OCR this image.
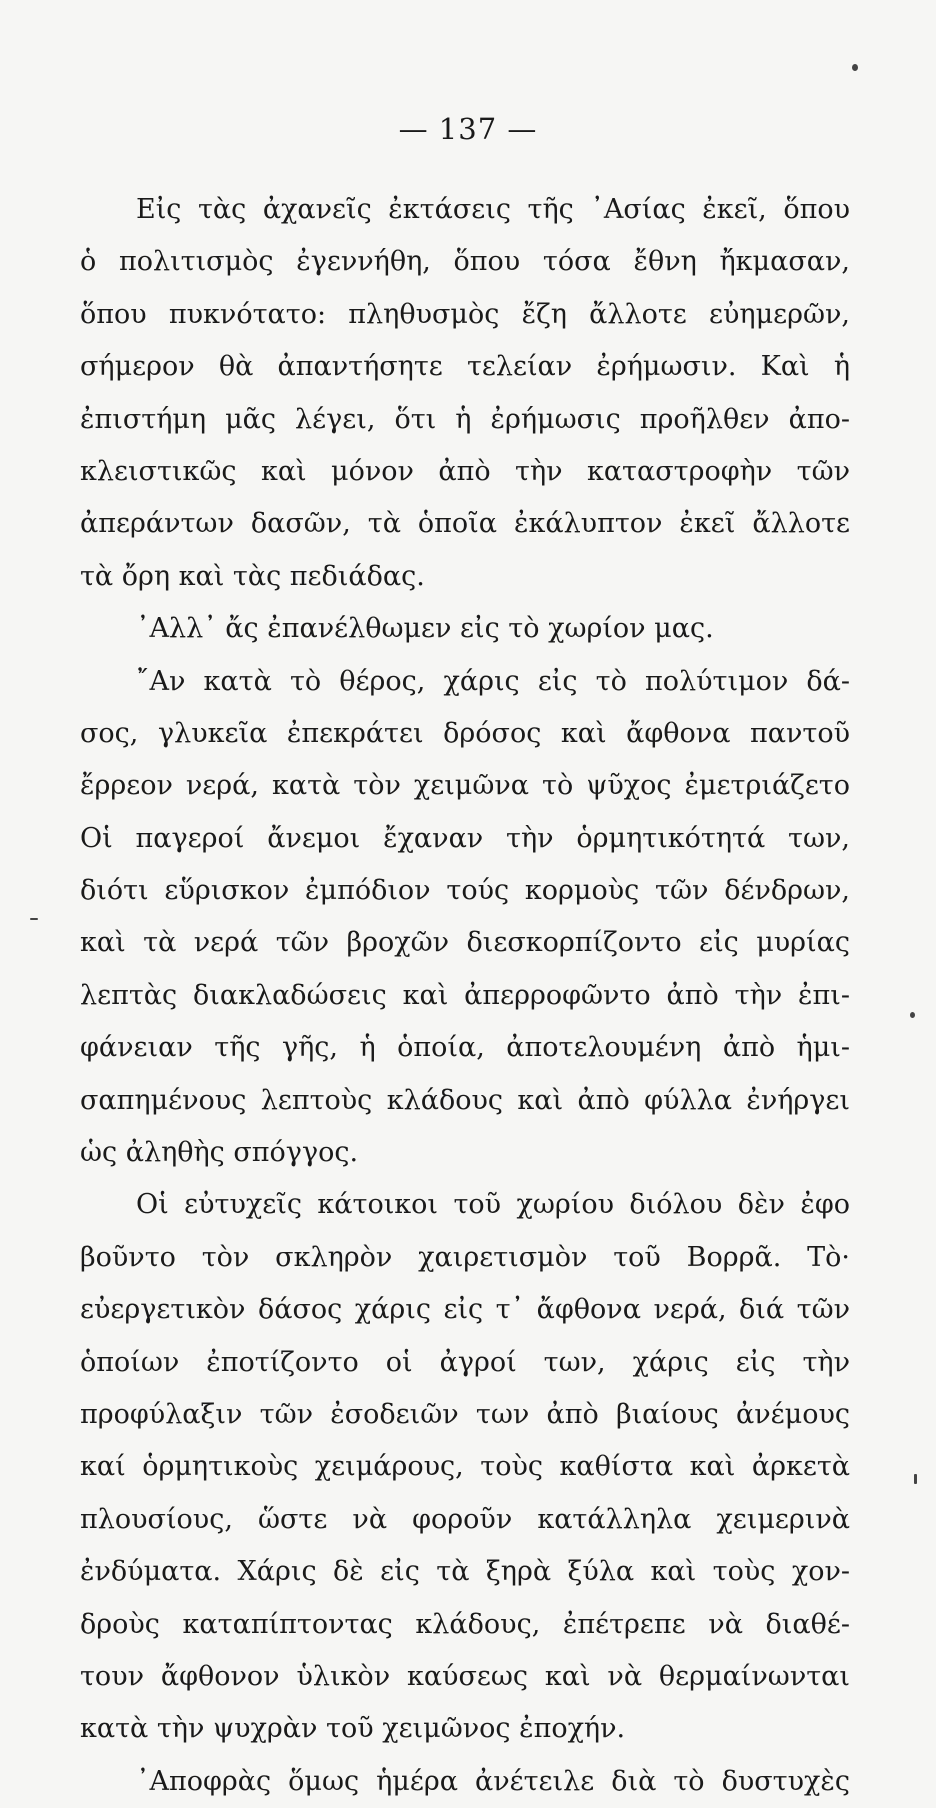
— 137 —
Εἰς τὰς ἀχανεῖς ἐκτάσεις τῆς ᾽Ασίας ἐκεῖ, ὅπου
ὁ πολιτισμὸς ἐγεννήθη, ὅπου τόσα ἔθνη ἤκμασαν,
ὅπου πυκνότατο: πληθυσμὸς ἔζη ἄλλοτε εὐημερῶν,
σήμερον θὰ ἀπαντήσητε τελείαν ἐρήμωσιν. Καὶ ἡ
ἐπιστήμη μᾶς λέγει, ὅτι ἡ ἐρήμωσις προῆλθεν ἀπο-
κλειστικῶς καὶ μόνον ἀπὸ τὴν καταστροφὴν τῶν
ἀπεράντων δασῶν, τὰ ὁποῖα ἐκάλυπτον ἐκεῖ ἄλλοτε
τὰ ὄρη καὶ τὰς πεδιάδας.
᾽Αλλ᾽ ἄς ἐπανέλθωμεν εἰς τὸ χωρίον μας.
῎Αν κατὰ τὸ θέρος, χάρις εἰς τὸ πολύτιμον δά-
σος, γλυκεῖα ἐπεκράτει δρόσος καὶ ἄφθονα παντοῦ
ἔρρεον νερά, κατὰ τὸν χειμῶνα τὸ ψῦχος ἐμετριάζετο
Οἱ παγεροί ἄνεμοι ἔχαναν τὴν ὁρμητικότητά των,
διότι εὕρισκον ἐμπόδιον τούς κορμοὺς τῶν δένδρων,
καὶ τὰ νερά τῶν βροχῶν διεσκορπίζοντο εἰς μυρίας
λεπτὰς διακλαδώσεις καὶ ἀπερροφῶντο ἀπὸ τὴν ἐπι-
φάνειαν τῆς γῆς, ἡ ὁποία, ἀποτελουμένη ἀπὸ ἡμι-
σαπημένους λεπτοὺς κλάδους καὶ ἀπὸ φύλλα ἐνήργει
ὡς ἀληθὴς σπόγγος.
Οἱ εὐτυχεῖς κάτοικοι τοῦ χωρίου διόλου δὲν ἐφο
βοῦντο τὸν σκληρὸν χαιρετισμὸν τοῦ Βορρᾶ. Τὸ·
εὐεργετικὸν δάσος χάρις εἰς τ᾽ ἄφθονα νερά, διά τῶν
ὁποίων ἐποτίζοντο οἱ ἀγροί των, χάρις εἰς τὴν
προφύλαξιν τῶν ἐσοδειῶν των ἀπὸ βιαίους ἀνέμους
καί ὁρμητικοὺς χειμάρους, τοὺς καθίστα καὶ ἀρκετὰ
πλουσίους, ὥστε νὰ φοροῦν κατάλληλα χειμερινὰ
ἐνδύματα. Χάρις δὲ εἰς τὰ ξηρὰ ξύλα καὶ τοὺς χον-
δροὺς καταπίπτοντας κλάδους, ἐπέτρεπε νὰ διαθέ-
τουν ἄφθονον ὑλικὸν καύσεως καὶ νὰ θερμαίνωνται
κατὰ τὴν ψυχρὰν τοῦ χειμῶνος ἐποχήν.
᾽Αποφρὰς ὅμως ἡμέρα ἀνέτειλε διὰ τὸ δυστυχὲς
